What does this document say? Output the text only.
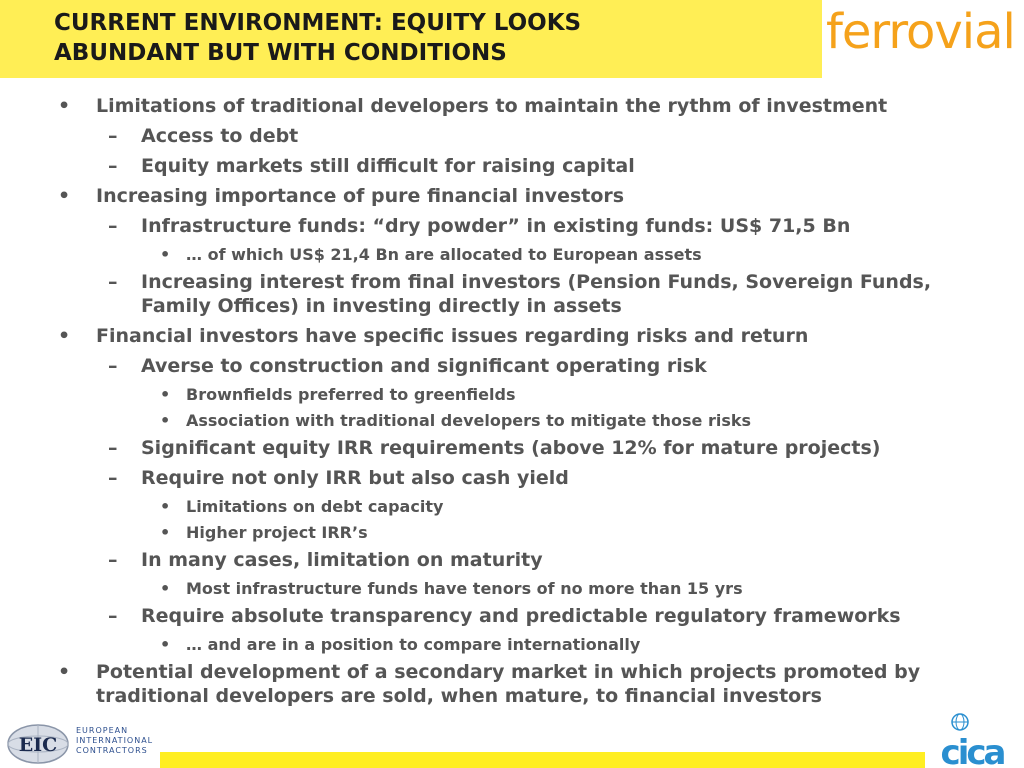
CURRENT ENVIRONMENT: EQUITY LOOKS
ABUNDANT BUT WITH CONDITIONS	ferrovial
• Limitations of traditional developers to maintain the rythm of investment
– Access to debt
– Equity markets still difficult for raising capital
• Increasing importance of pure financial investors
– Infrastructure funds: “dry powder” in existing funds: US$ 71,5 Bn
• … of which US$ 21,4 Bn are allocated to European assets
– Increasing interest from final investors (Pension Funds, Sovereign Funds, Family Offices) in investing directly in assets
• Financial investors have specific issues regarding risks and return
– Averse to construction and significant operating risk
• Brownfields preferred to greenfields
• Association with traditional developers to mitigate those risks
– Significant equity IRR requirements (above 12% for mature projects)
– Require not only IRR but also cash yield
• Limitations on debt capacity
• Higher project IRR’s
– In many cases, limitation on maturity
• Most infrastructure funds have tenors of no more than 15 yrs
– Require absolute transparency and predictable regulatory frameworks
• … and are in a position to compare internationally
• Potential development of a secondary market in which projects promoted by traditional developers are sold, when mature, to financial investors
EIC
EUROPEAN
INTERNATIONAL
CONTRACTORS	cica
